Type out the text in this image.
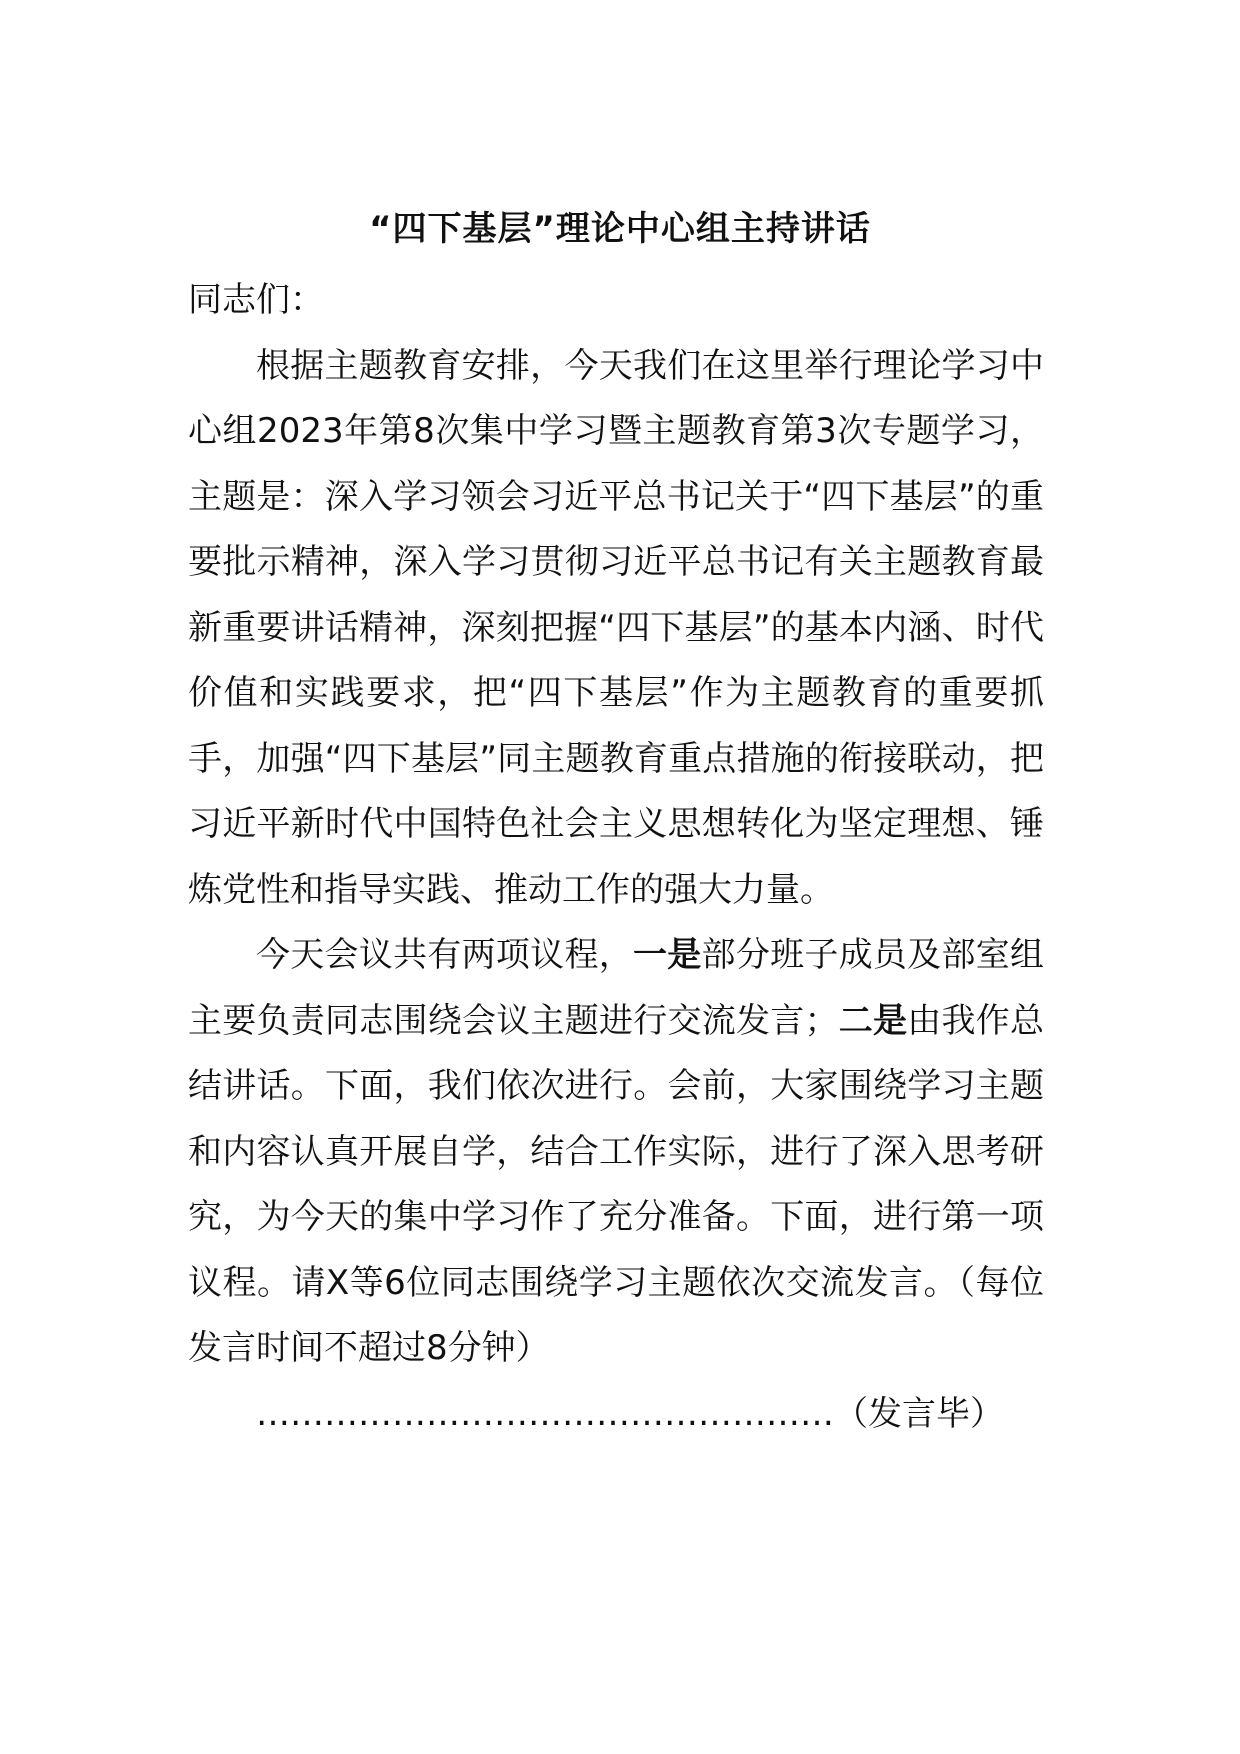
“四下基层”理论中心组主持讲话

同志们：

根据主题教育安排，今天我们在这里举行理论学习中心组2023年第8次集中学习暨主题教育第3次专题学习，主题是：深入学习领会习近平总书记关于“四下基层”的重要批示精神，深入学习贯彻习近平总书记有关主题教育最新重要讲话精神，深刻把握“四下基层”的基本内涵、时代价值和实践要求，把“四下基层”作为主题教育的重要抓手，加强“四下基层”同主题教育重点措施的衔接联动，把习近平新时代中国特色社会主义思想转化为坚定理想、锤炼党性和指导实践、推动工作的强大力量。

今天会议共有两项议程，一是部分班子成员及部室组主要负责同志围绕会议主题进行交流发言；二是由我作总结讲话。下面，我们依次进行。会前，大家围绕学习主题和内容认真开展自学，结合工作实际，进行了深入思考研究，为今天的集中学习作了充分准备。下面，进行第一项议程。请X等6位同志围绕学习主题依次交流发言。（每位发言时间不超过8分钟）

……………………………………………（发言毕）
